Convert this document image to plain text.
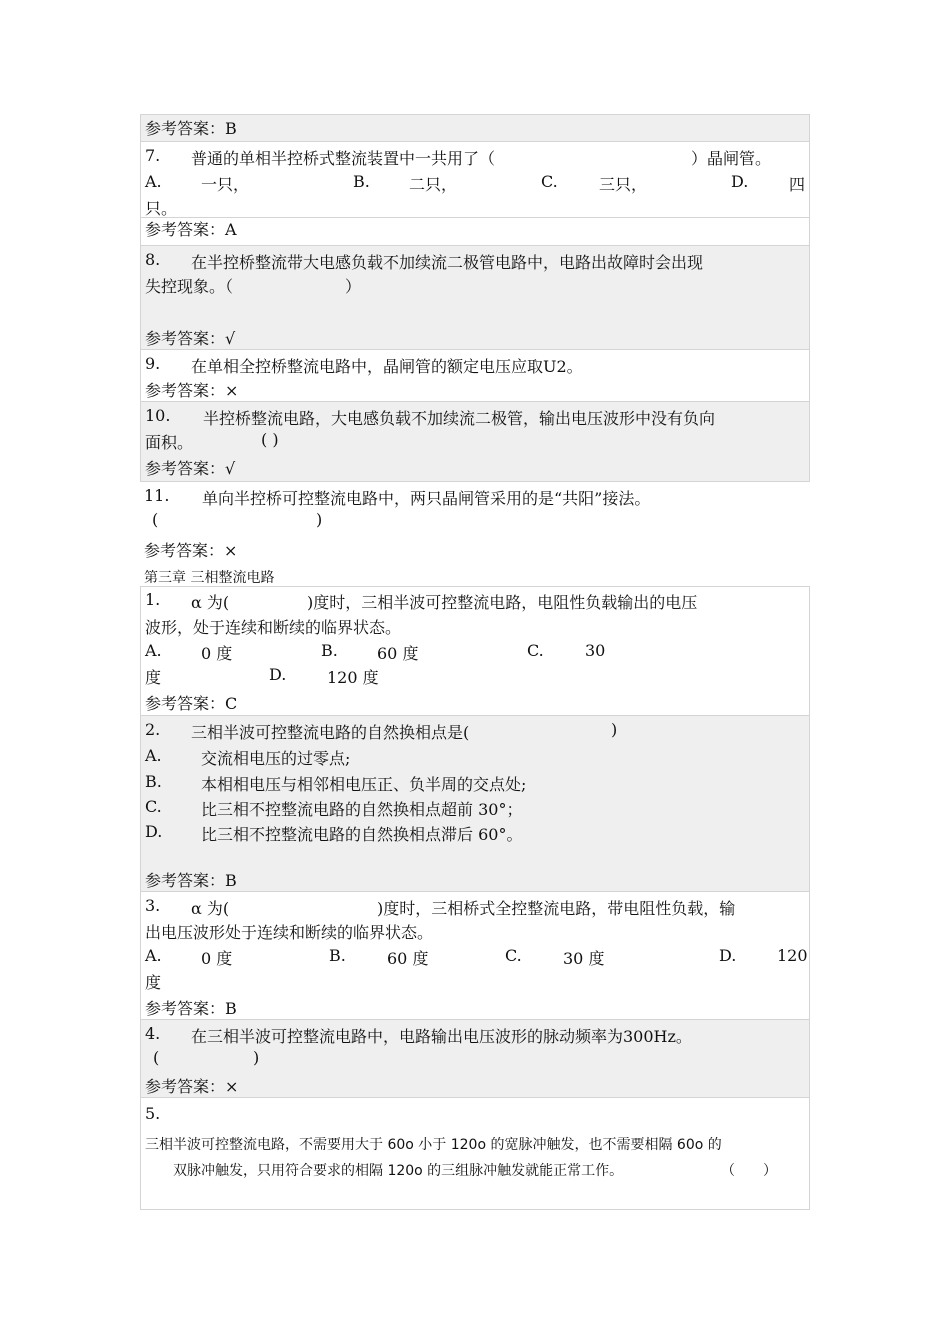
参考答案：B
7. 普通的单相半控桥式整流装置中一共用了（	）晶闸管。
A. 一只，	B. 二只，	C.	三只，	D.	四
只。
参考答案：A
8. 在半控桥整流带大电感负载不加续流二极管电路中，电路出故障时会出现
失控现象。（	）
参考答案：√
9. 在单相全控桥整流电路中，晶闸管的额定电压应取U2。
参考答案：×
10. 半控桥整流电路，大电感负载不加续流二极管，输出电压波形中没有负向
面积。	( )
参考答案：√
11. 单向半控桥可控整流电路中，两只晶闸管采用的是“共阳”接法。
(	)
参考答案：×
第三章 三相整流电路
1. α 为(	)度时，三相半波可控整流电路，电阻性负载输出的电压
波形，处于连续和断续的临界状态。
A. 0 度	B. 60 度	C.	30
度	D.	120 度
参考答案：C
2. 三相半波可控整流电路的自然换相点是(	)
A. 交流相电压的过零点;
B. 本相相电压与相邻相电压正、负半周的交点处;
C. 比三相不控整流电路的自然换相点超前 30°；
D. 比三相不控整流电路的自然换相点滞后 60°。
参考答案：B
3. α 为(	)度时，三相桥式全控整流电路，带电阻性负载，输
出电压波形处于连续和断续的临界状态。
A. 0 度	B.	60 度	C.	30 度	D.	120
度
参考答案：B
4. 在三相半波可控整流电路中，电路输出电压波形的脉动频率为300Hz。
(	)
参考答案：×
5.
三相半波可控整流电路，不需要用大于 60o 小于 120o 的宽脉冲触发，也不需要相隔 60o 的
双脉冲触发，只用符合要求的相隔 120o 的三组脉冲触发就能正常工作。	（　　）
